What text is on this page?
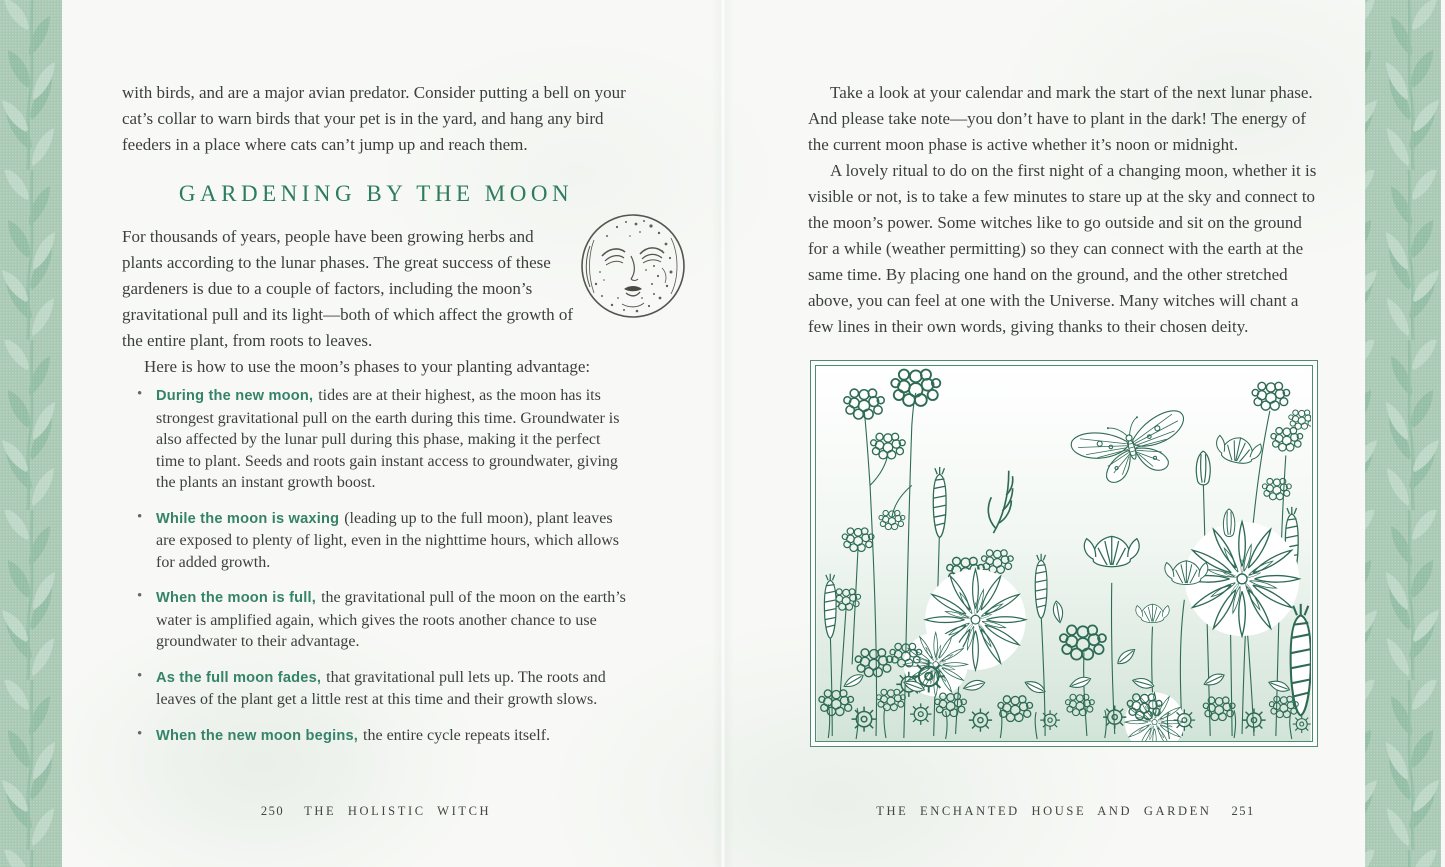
with birds, and are a major avian predator. Consider putting a bell on your cat’s collar to warn birds that your pet is in the yard, and hang any bird feeders in a place where cats can’t jump up and reach them.

GARDENING BY THE MOON

For thousands of years, people have been growing herbs and plants according to the lunar phases. The great success of these gardeners is due to a couple of factors, including the moon’s gravitational pull and its light—both of which affect the growth of the entire plant, from roots to leaves.

Here is how to use the moon’s phases to your planting advantage:

• During the new moon, tides are at their highest, as the moon has its strongest gravitational pull on the earth during this time. Groundwater is also affected by the lunar pull during this phase, making it the perfect time to plant. Seeds and roots gain instant access to groundwater, giving the plants an instant growth boost.
• While the moon is waxing (leading up to the full moon), plant leaves are exposed to plenty of light, even in the nighttime hours, which allows for added growth.
• When the moon is full, the gravitational pull of the moon on the earth’s water is amplified again, which gives the roots another chance to use groundwater to their advantage.
• As the full moon fades, that gravitational pull lets up. The roots and leaves of the plant get a little rest at this time and their growth slows.
• When the new moon begins, the entire cycle repeats itself.

Take a look at your calendar and mark the start of the next lunar phase. And please take note—you don’t have to plant in the dark! The energy of the current moon phase is active whether it’s noon or midnight.

A lovely ritual to do on the first night of a changing moon, whether it is visible or not, is to take a few minutes to stare up at the sky and connect to the moon’s power. Some witches like to go outside and sit on the ground for a while (weather permitting) so they can connect with the earth at the same time. By placing one hand on the ground, and the other stretched above, you can feel at one with the Universe. Many witches will chant a few lines in their own words, giving thanks to their chosen deity.

250 THE HOLISTIC WITCH	THE ENCHANTED HOUSE AND GARDEN 251
